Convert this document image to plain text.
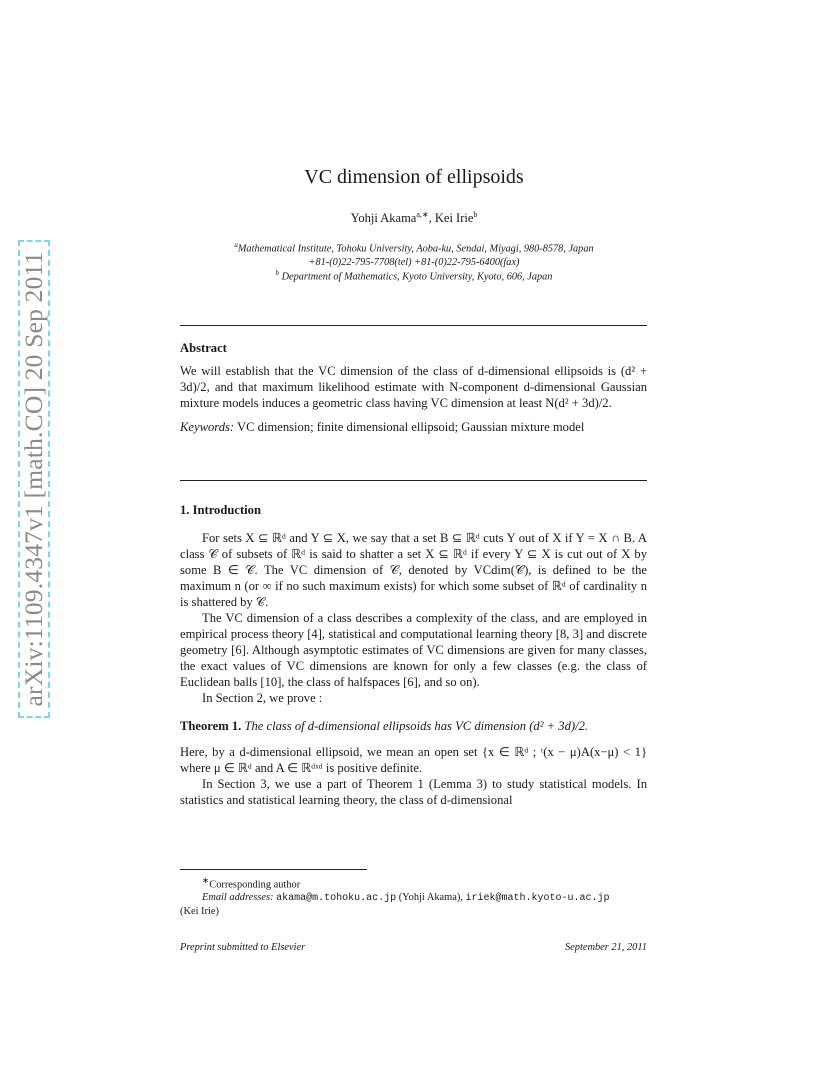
arXiv:1109.4347v1 [math.CO] 20 Sep 2011
VC dimension of ellipsoids
Yohji Akama$^{a,∗}$, Kei Irie$^b$
$^a$Mathematical Institute, Tohoku University, Aoba-ku, Sendai, Miyagi, 980-8578, Japan
+81-(0)22-795-7708(tel) +81-(0)22-795-6400(fax)
$^b$ Department of Mathematics, Kyoto University, Kyoto, 606, Japan
Abstract

We will establish that the VC dimension of the class of d-dimensional ellipsoids is (d² + 3d)/2, and that maximum likelihood estimate with N-component d-dimensional Gaussian mixture models induces a geometric class having VC dimension at least N(d² + 3d)/2.

Keywords: VC dimension; finite dimensional ellipsoid; Gaussian mixture model

1. Introduction

For sets X ⊆ ℝᵈ and Y ⊆ X, we say that a set B ⊆ ℝᵈ cuts Y out of X if Y = X ∩ B. A class 𝒞 of subsets of ℝᵈ is said to shatter a set X ⊆ ℝᵈ if every Y ⊆ X is cut out of X by some B ∈ 𝒞. The VC dimension of 𝒞, denoted by VCdim(𝒞), is defined to be the maximum n (or ∞ if no such maximum exists) for which some subset of ℝᵈ of cardinality n is shattered by 𝒞.

The VC dimension of a class describes a complexity of the class, and are employed in empirical process theory [4], statistical and computational learning theory [8, 3] and discrete geometry [6]. Although asymptotic estimates of VC dimensions are given for many classes, the exact values of VC dimensions are known for only a few classes (e.g. the class of Euclidean balls [10], the class of halfspaces [6], and so on).

In Section 2, we prove :

Theorem 1. The class of d-dimensional ellipsoids has VC dimension (d² + 3d)/2.

Here, by a d-dimensional ellipsoid, we mean an open set {x ∈ ℝᵈ ; ᵗ(x − μ)A(x−μ) < 1} where μ ∈ ℝᵈ and A ∈ ℝᵈˣᵈ is positive definite.

In Section 3, we use a part of Theorem 1 (Lemma 3) to study statistical models. In statistics and statistical learning theory, the class of d-dimensional

∗Corresponding author
Email addresses: akama@m.tohoku.ac.jp (Yohji Akama), iriek@math.kyoto-u.ac.jp
(Kei Irie)
Preprint submitted to Elsevier	September 21, 2011
